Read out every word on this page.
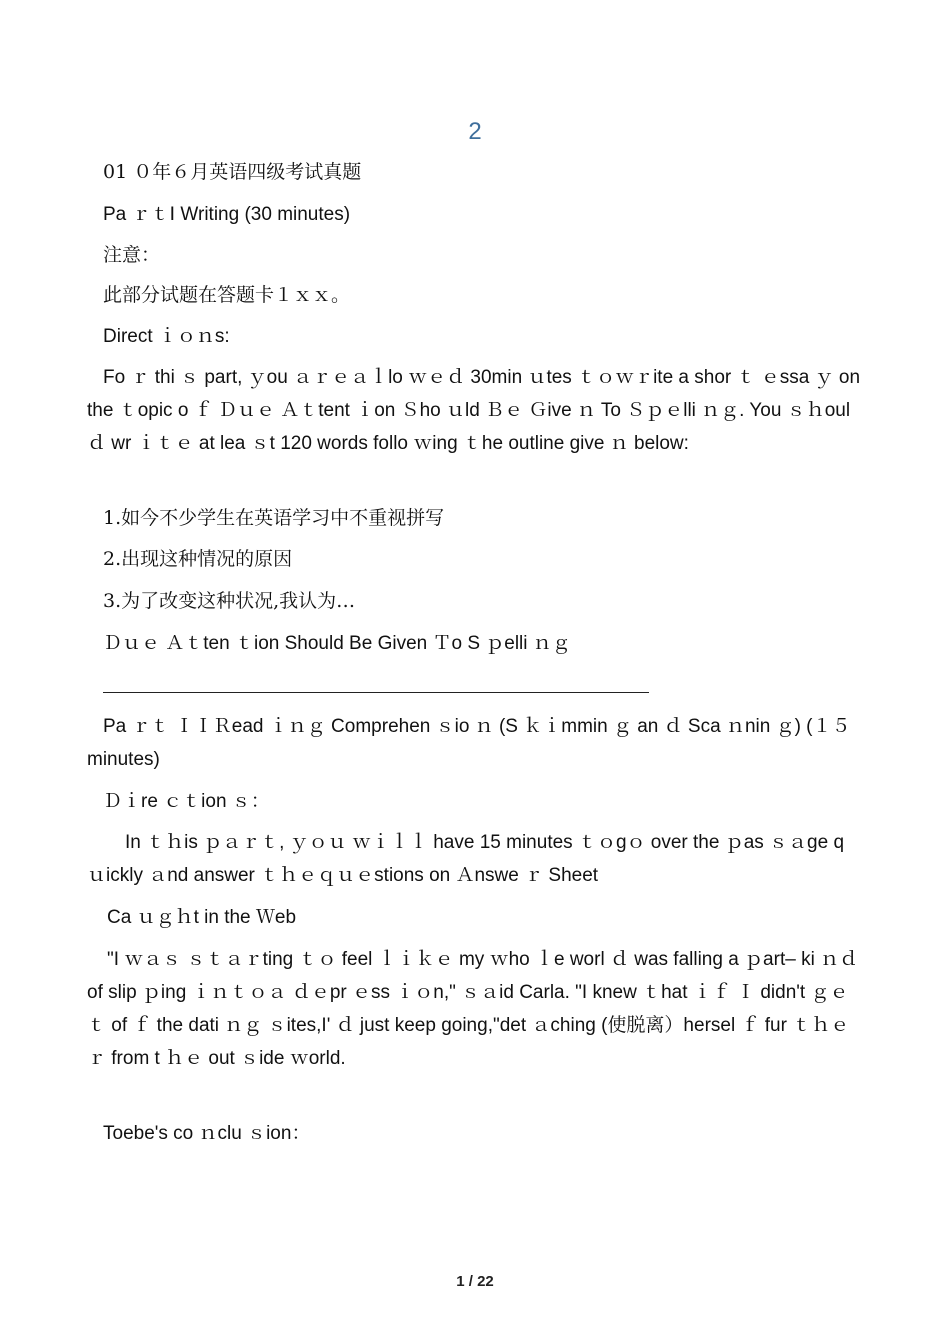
2
01 ０年６月英语四级考试真题
Pa ｒｔⅠ Writing (30 minutes)
注意：
此部分试题在答题卡１ｘｘ。
Direct ｉｏｎs:
Fo ｒ thi ｓ part, ｙou ａｒｅａｌlo ｗｅｄ 30min ｕtes ｔｏｗｒite a shor ｔ ｅssa ｙ on the ｔopic o ｆ Ｄｕｅ Ａｔtent ｉon Ｓho ｕld Ｂｅ Ｇive ｎ To Ｓｐｅlli ｎｇ. You ｓｈoul ｄ wr ｉｔｅ at lea ｓt 120 words follo ｗing ｔhe outline give ｎ below:
1.如今不少学生在英语学习中不重视拼写
2.出现这种情况的原因
3.为了改变这种状况,我认为…
Ｄｕｅ Ａｔten ｔion Should Be Given Ｔo S ｐelli ｎｇ
Pa ｒｔ ＩＩＲead ｉｎｇ Comprehen ｓio ｎ (S ｋｉmmin ｇ an ｄ Sca ｎnin ｇ) (１５ minutes)
Ｄｉre ｃｔion ｓ：
In ｔｈis ｐａｒｔ, ｙｏｕ ｗｉｌｌ have 15 minutes ｔｏgｏ over the ｐas ｓａge q ｕickly ａnd answer ｔｈｅｑｕｅstions on Ａnswe ｒ Sheet
Ca ｕｇｈt in the Ｗeb
"I ｗａｓ ｓｔａｒting ｔｏ feel ｌｉｋｅ my ｗho ｌe worl ｄ was falling a ｐart– ki ｎｄ of slip ｐing ｉｎｔｏａ ｄｅpr ｅss ｉｏn," ｓａid Carla. "I knew ｔhat ｉｆ Ｉ didn't ｇｅｔ of ｆ the dati ｎｇ ｓites,I' ｄ just keep going,"det ａching (使脱离）hersel ｆ fur ｔｈｅｒ from t ｈｅ out ｓide ｗorld.
Toebe's co ｎclu ｓion：
1 / 22
